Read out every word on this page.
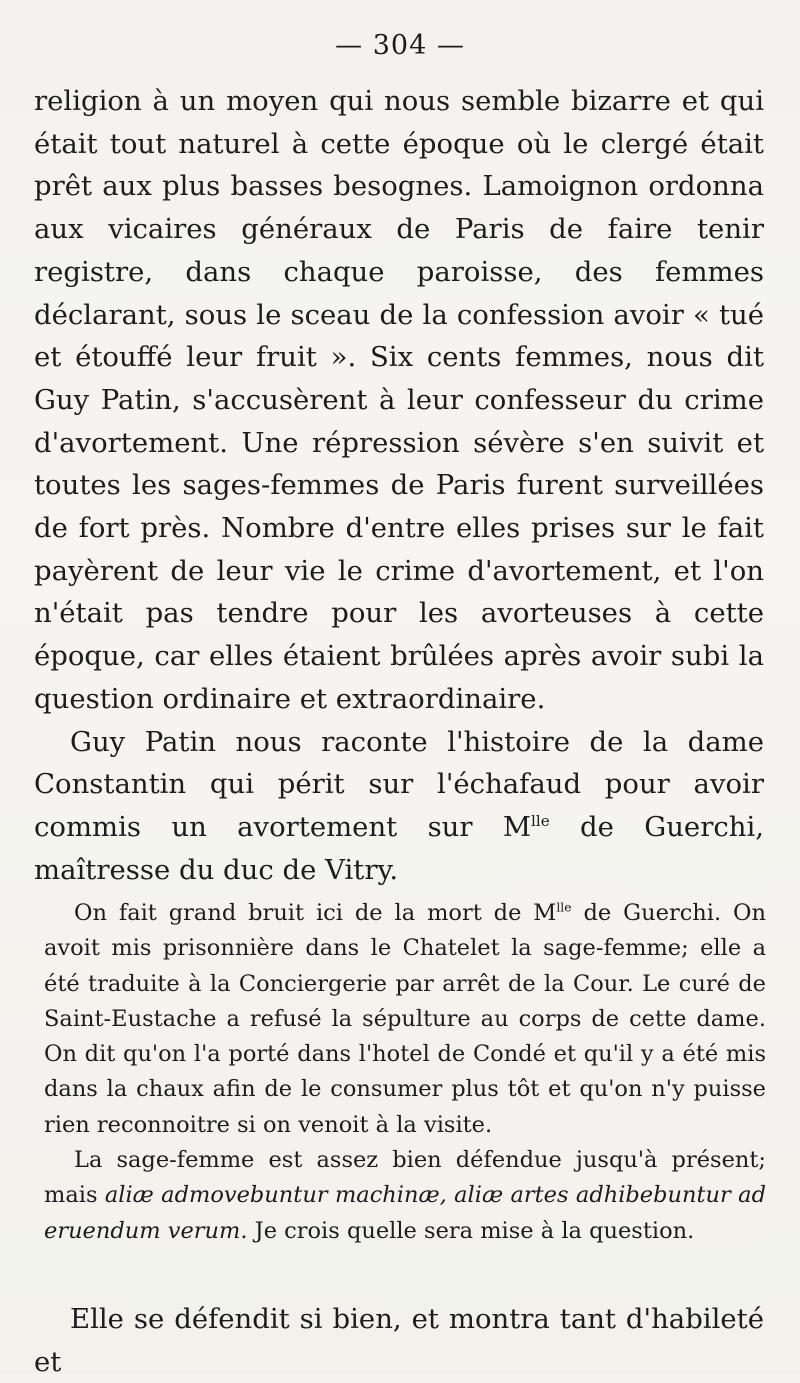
— 304 —

religion à un moyen qui nous semble bizarre et qui était tout naturel à cette époque où le clergé était prêt aux plus basses besognes. Lamoignon ordonna aux vicaires généraux de Paris de faire tenir registre, dans chaque paroisse, des femmes déclarant, sous le sceau de la confession avoir « tué et étouffé leur fruit ». Six cents femmes, nous dit Guy Patin, s'accusèrent à leur confesseur du crime d'avortement. Une répression sévère s'en suivit et toutes les sages-femmes de Paris furent surveillées de fort près. Nombre d'entre elles prises sur le fait payèrent de leur vie le crime d'avortement, et l'on n'était pas tendre pour les avorteuses à cette époque, car elles étaient brûlées après avoir subi la question ordinaire et extraordinaire.

Guy Patin nous raconte l'histoire de la dame Constantin qui périt sur l'échafaud pour avoir commis un avortement sur $M^{lle}$ de Guerchi, maîtresse du duc de Vitry.

On fait grand bruit ici de la mort de $M^{lle}$ de Guerchi. On avoit mis prisonnière dans le Chatelet la sage-femme; elle a été traduite à la Conciergerie par arrêt de la Cour. Le curé de Saint-Eustache a refusé la sépulture au corps de cette dame. On dit qu'on l'a porté dans l'hotel de Condé et qu'il y a été mis dans la chaux afin de le consumer plus tôt et qu'on n'y puisse rien reconnoitre si on venoit à la visite.

La sage-femme est assez bien défendue jusqu'à présent; mais aliæ admovebuntur machinæ, aliæ artes adhibebuntur ad eruendum verum. Je crois quelle sera mise à la question.

Elle se défendit si bien, et montra tant d'habileté et
